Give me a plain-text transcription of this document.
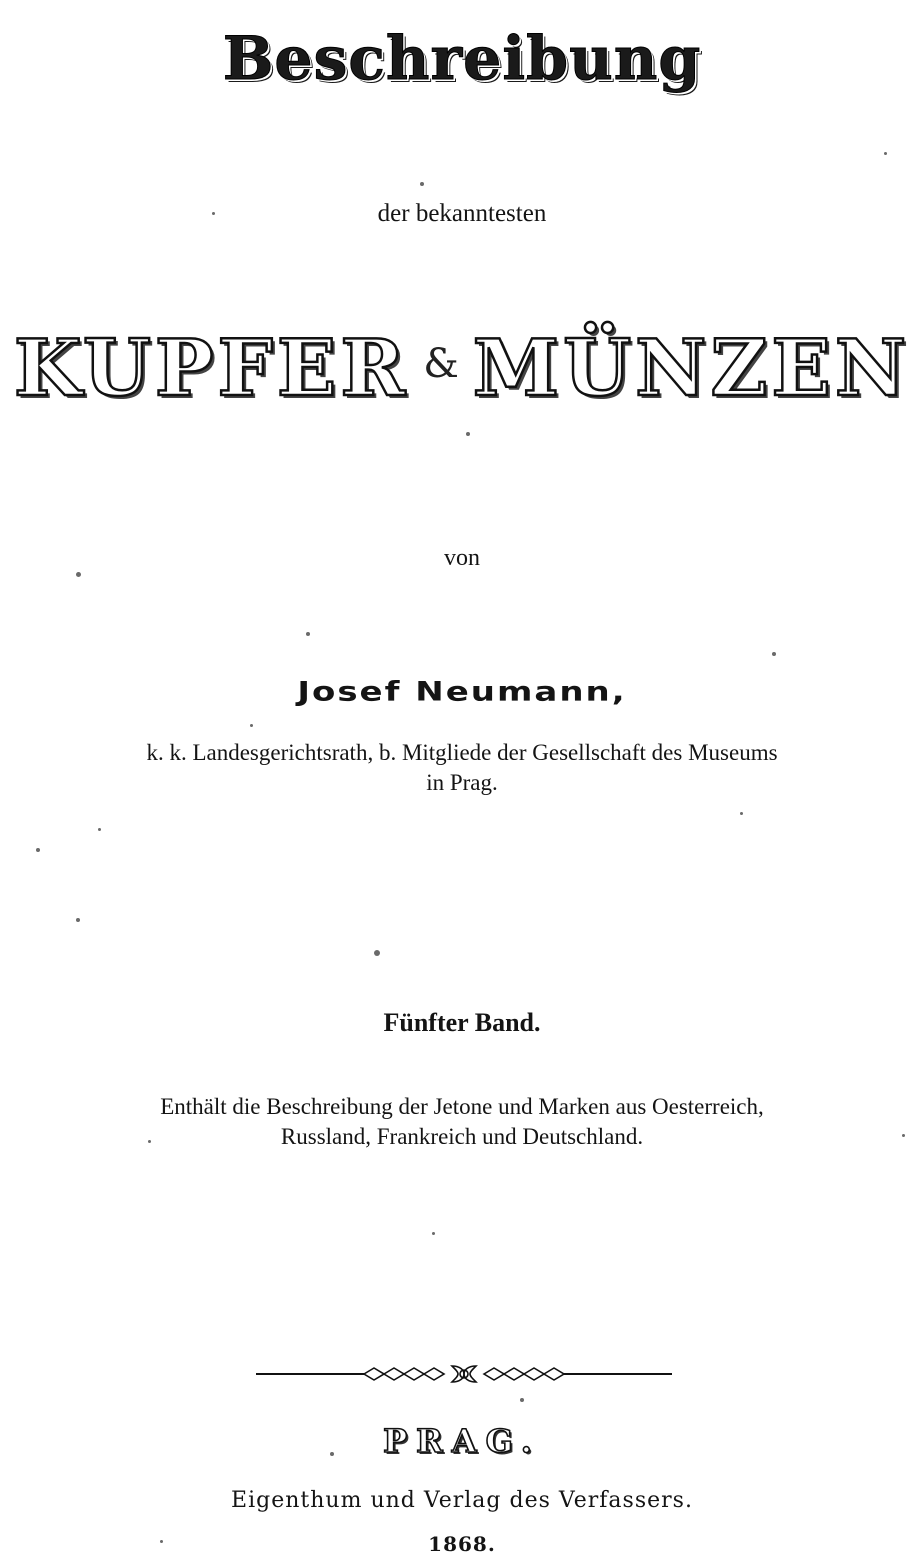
Beschreibung
der bekanntesten
KUPFER & MÜNZEN
von
Josef Neumann,
k. k. Landesgerichtsrath, b. Mitgliede der Gesellschaft des Museums
in Prag.
Fünfter Band.
Enthält die Beschreibung der Jetone und Marken aus Oesterreich,
Russland, Frankreich und Deutschland.
PRAG.
Eigenthum und Verlag des Verfassers.
1868.
